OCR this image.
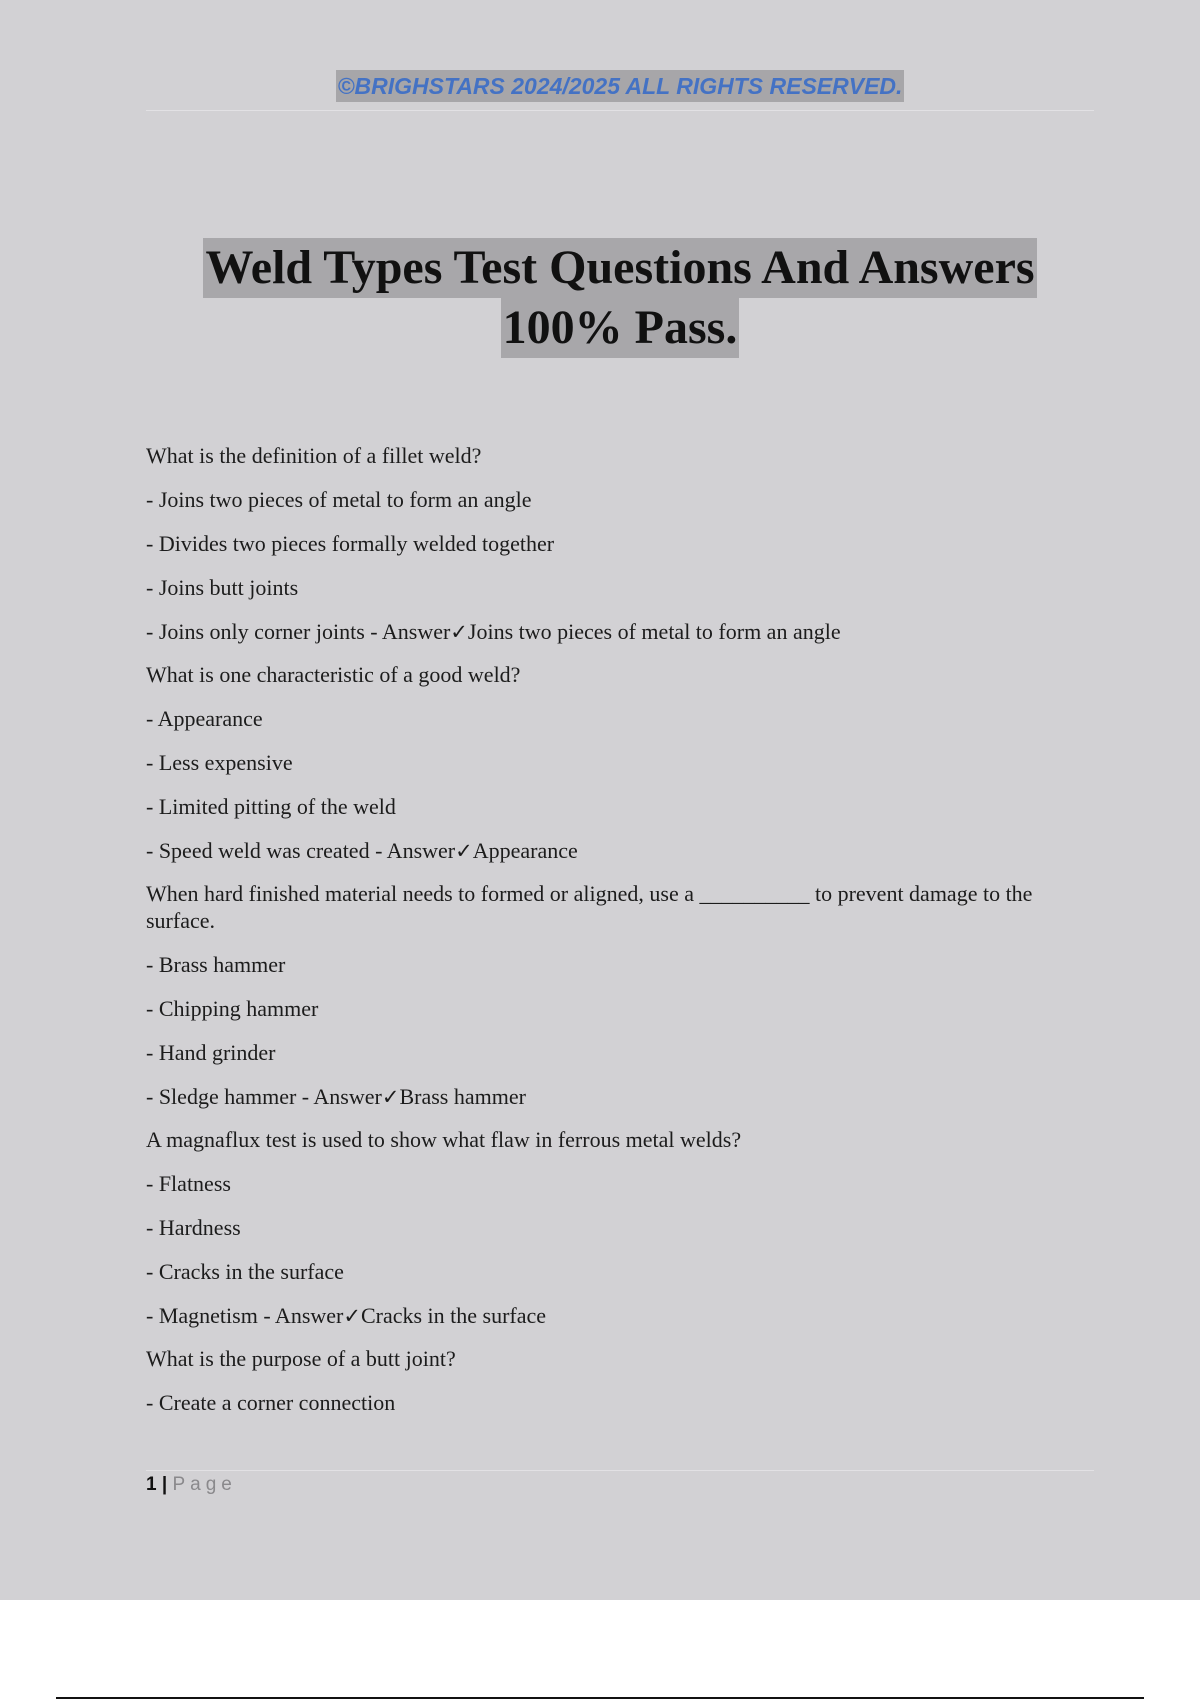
©BRIGHSTARS 2024/2025 ALL RIGHTS RESERVED.
Weld Types Test Questions And Answers
100% Pass.

What is the definition of a fillet weld?

- Joins two pieces of metal to form an angle

- Divides two pieces formally welded together

- Joins butt joints

- Joins only corner joints - Answer✓Joins two pieces of metal to form an angle

What is one characteristic of a good weld?

- Appearance

- Less expensive

- Limited pitting of the weld

- Speed weld was created - Answer✓Appearance

When hard finished material needs to formed or aligned, use a __________ to prevent damage to the surface.

- Brass hammer

- Chipping hammer

- Hand grinder

- Sledge hammer - Answer✓Brass hammer

A magnaflux test is used to show what flaw in ferrous metal welds?

- Flatness

- Hardness

- Cracks in the surface

- Magnetism - Answer✓Cracks in the surface

What is the purpose of a butt joint?

- Create a corner connection

1 | Page
